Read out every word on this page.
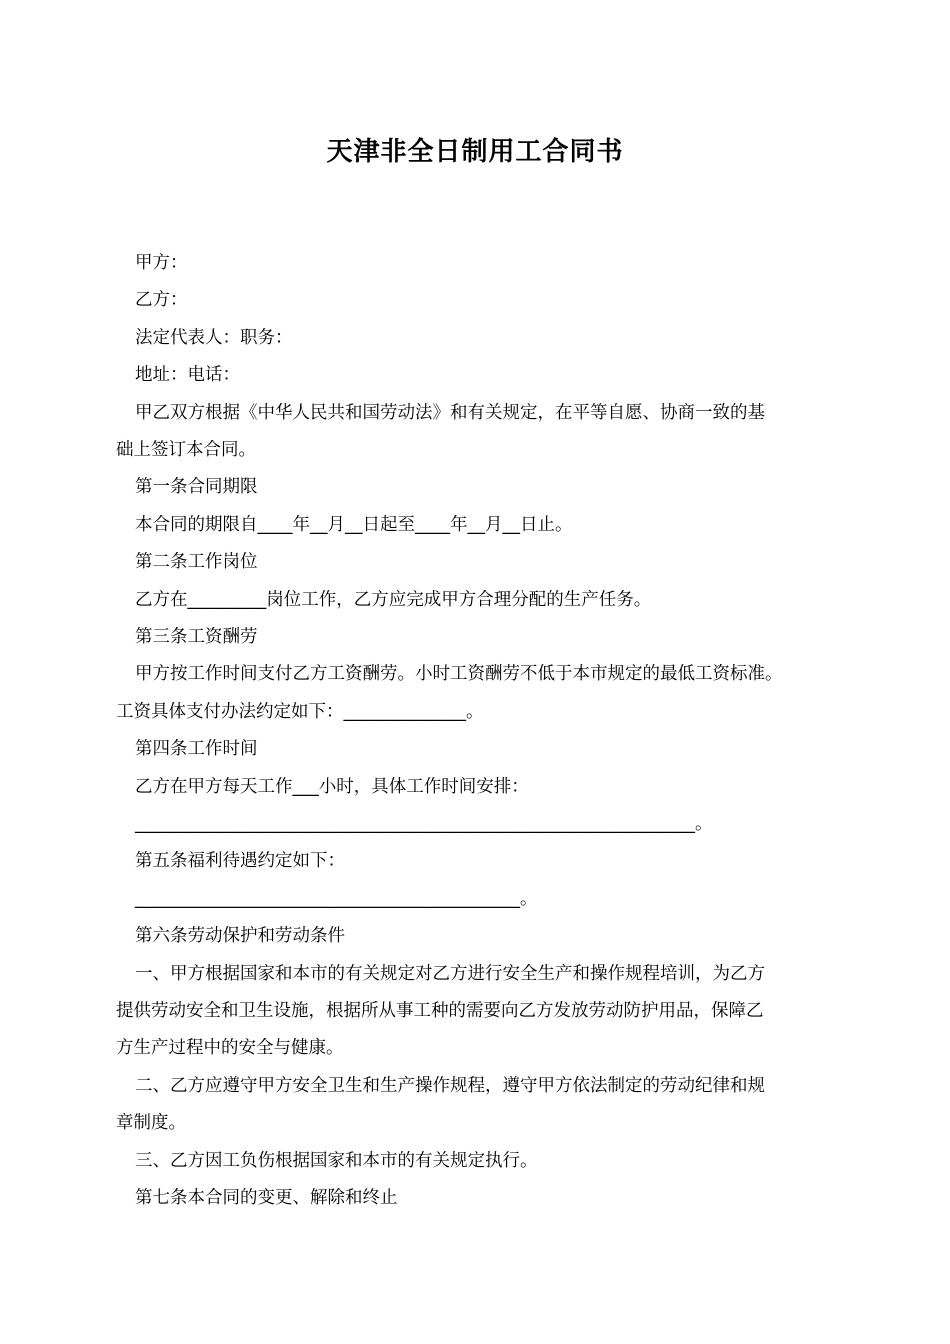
天津非全日制用工合同书
甲方：
乙方：
法定代表人：职务：
地址：电话：
甲乙双方根据《中华人民共和国劳动法》和有关规定，在平等自愿、协商一致的基
础上签订本合同。
第一条合同期限
本合同的期限自____年__月__日起至____年__月__日止。
第二条工作岗位
乙方在_________岗位工作，乙方应完成甲方合理分配的生产任务。
第三条工资酬劳
甲方按工作时间支付乙方工资酬劳。小时工资酬劳不低于本市规定的最低工资标准。
工资具体支付办法约定如下：______________。
第四条工作时间
乙方在甲方每天工作___小时，具体工作时间安排：
________________________________________________________________。
第五条福利待遇约定如下：
____________________________________________。
第六条劳动保护和劳动条件
一、甲方根据国家和本市的有关规定对乙方进行安全生产和操作规程培训，为乙方
提供劳动安全和卫生设施，根据所从事工种的需要向乙方发放劳动防护用品，保障乙
方生产过程中的安全与健康。
二、乙方应遵守甲方安全卫生和生产操作规程，遵守甲方依法制定的劳动纪律和规
章制度。
三、乙方因工负伤根据国家和本市的有关规定执行。
第七条本合同的变更、解除和终止
